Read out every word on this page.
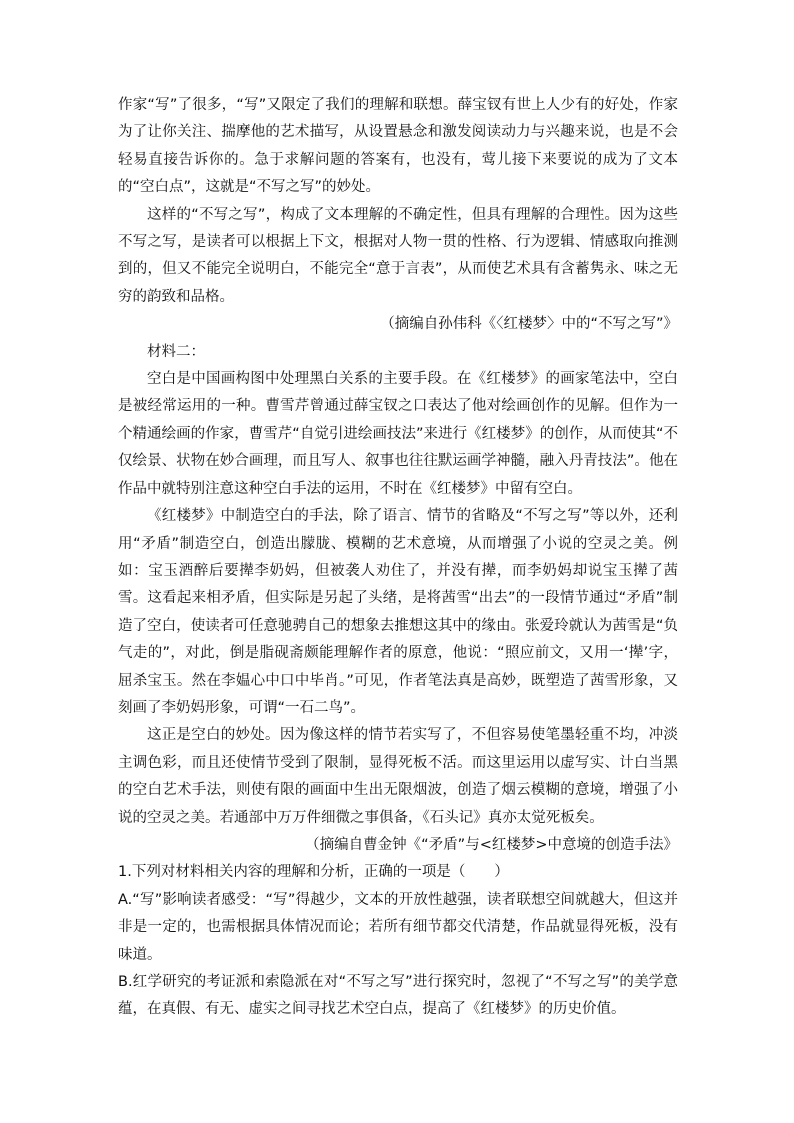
作家“写”了很多，“写”又限定了我们的理解和联想。薛宝钗有世上人少有的好处，作家为了让你关注、揣摩他的艺术描写，从设置悬念和激发阅读动力与兴趣来说，也是不会轻易直接告诉你的。急于求解问题的答案有，也没有，莺儿接下来要说的成为了文本的“空白点”，这就是“不写之写”的妙处。

这样的“不写之写”，构成了文本理解的不确定性，但具有理解的合理性。因为这些不写之写，是读者可以根据上下文，根据对人物一贯的性格、行为逻辑、情感取向推测到的，但又不能完全说明白，不能完全“意于言表”，从而使艺术具有含蓄隽永、味之无穷的韵致和品格。

（摘编自孙伟科《〈红楼梦〉中的“不写之写”》

材料二：

空白是中国画构图中处理黑白关系的主要手段。在《红楼梦》的画家笔法中，空白是被经常运用的一种。曹雪芹曾通过薛宝钗之口表达了他对绘画创作的见解。但作为一个精通绘画的作家，曹雪芹“自觉引进绘画技法”来进行《红楼梦》的创作，从而使其“不仅绘景、状物在妙合画理，而且写人、叙事也往往默运画学神髓，融入丹青技法”。他在作品中就特别注意这种空白手法的运用，不时在《红楼梦》中留有空白。

《红楼梦》中制造空白的手法，除了语言、情节的省略及“不写之写”等以外，还利用“矛盾”制造空白，创造出朦胧、模糊的艺术意境，从而增强了小说的空灵之美。例如：宝玉酒醉后要撵李奶妈，但被袭人劝住了，并没有撵，而李奶妈却说宝玉撵了茜雪。这看起来相矛盾，但实际是另起了头绪，是将茜雪“出去”的一段情节通过“矛盾”制造了空白，使读者可任意驰骋自己的想象去推想这其中的缘由。张爱玲就认为茜雪是“负气走的”，对此，倒是脂砚斋颇能理解作者的原意，他说：“照应前文，又用一‘撵’字，屈杀宝玉。然在李媪心中口中毕肖。”可见，作者笔法真是高妙，既塑造了茜雪形象，又刻画了李奶妈形象，可谓“一石二鸟”。

这正是空白的妙处。因为像这样的情节若实写了，不但容易使笔墨轻重不均，冲淡主调色彩，而且还使情节受到了限制，显得死板不活。而这里运用以虚写实、计白当黑的空白艺术手法，则使有限的画面中生出无限烟波，创造了烟云模糊的意境，增强了小说的空灵之美。若通部中万万件细微之事俱备，《石头记》真亦太觉死板矣。

（摘编自曹金钟《“矛盾”与<红楼梦>中意境的创造手法》

1.下列对材料相关内容的理解和分析，正确的一项是（　　）

A.“写”影响读者感受：“写”得越少，文本的开放性越强，读者联想空间就越大，但这并非是一定的，也需根据具体情况而论；若所有细节都交代清楚，作品就显得死板，没有味道。

B.红学研究的考证派和索隐派在对“不写之写”进行探究时，忽视了“不写之写”的美学意蕴，在真假、有无、虚实之间寻找艺术空白点，提高了《红楼梦》的历史价值。
